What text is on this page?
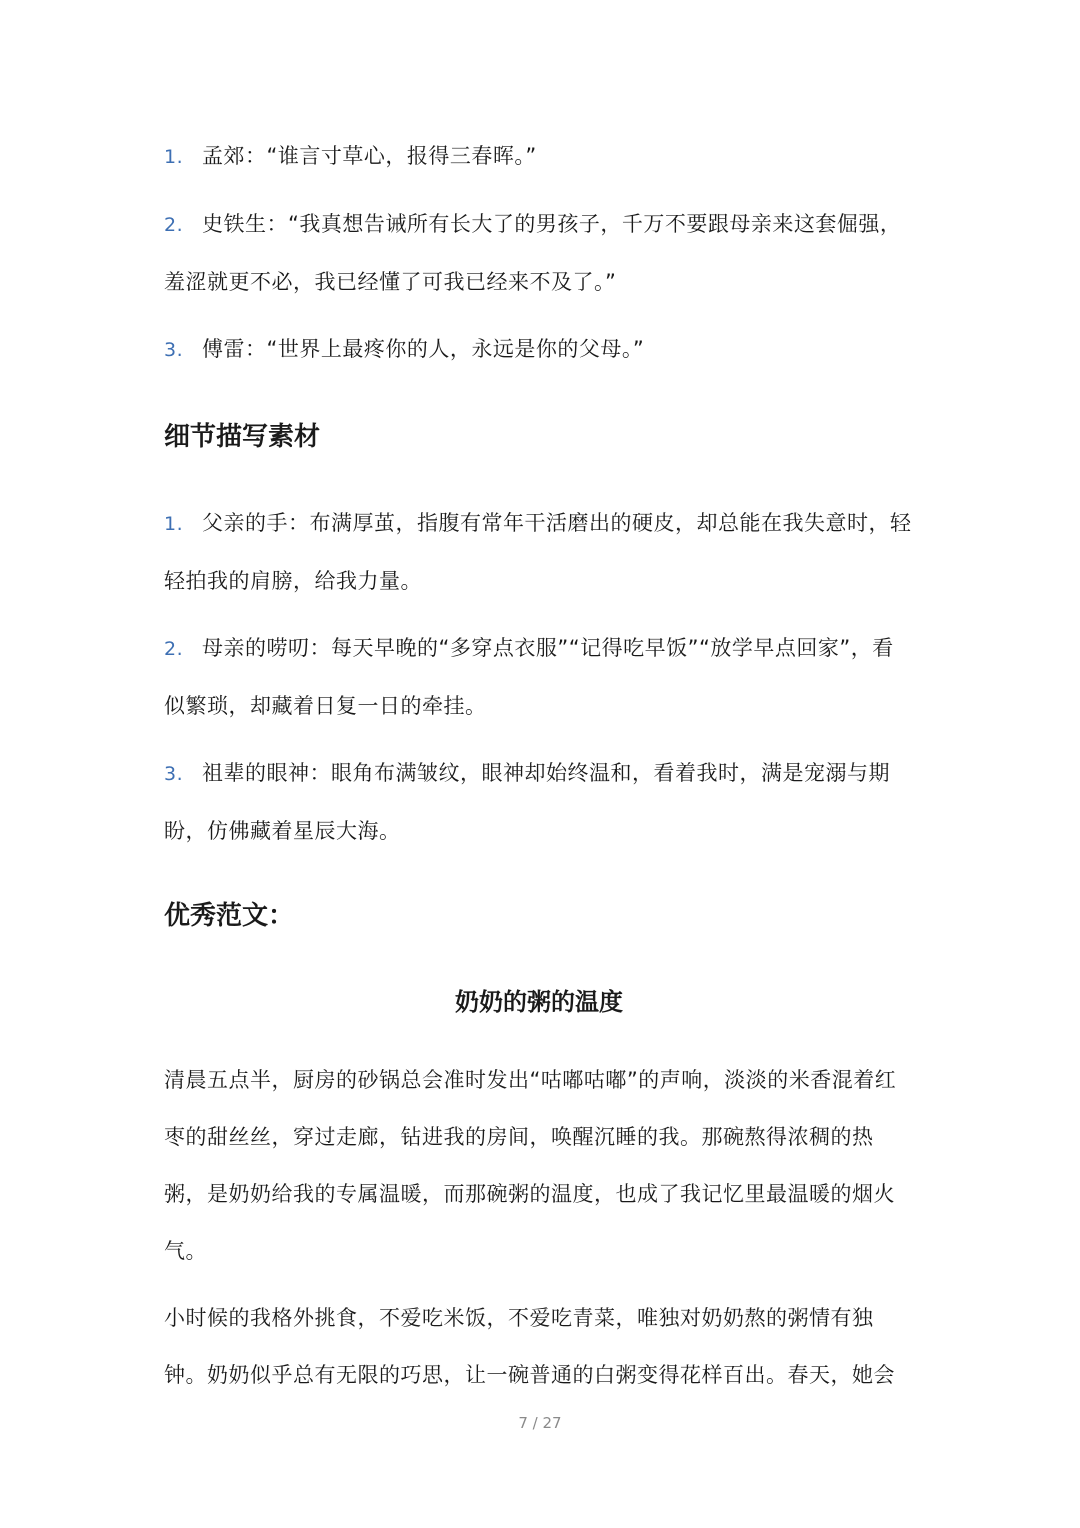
1. 孟郊：“谁言寸草心，报得三春晖。”
2. 史铁生：“我真想告诫所有长大了的男孩子，千万不要跟母亲来这套倔强，羞涩就更不必，我已经懂了可我已经来不及了。”
3. 傅雷：“世界上最疼你的人，永远是你的父母。”
细节描写素材
1. 父亲的手：布满厚茧，指腹有常年干活磨出的硬皮，却总能在我失意时，轻轻拍我的肩膀，给我力量。
2. 母亲的唠叨：每天早晚的“多穿点衣服”“记得吃早饭”“放学早点回家”，看似繁琐，却藏着日复一日的牵挂。
3. 祖辈的眼神：眼角布满皱纹，眼神却始终温和，看着我时，满是宠溺与期盼，仿佛藏着星辰大海。
优秀范文：
奶奶的粥的温度

清晨五点半，厨房的砂锅总会准时发出“咕嘟咕嘟”的声响，淡淡的米香混着红枣的甜丝丝，穿过走廊，钻进我的房间，唤醒沉睡的我。那碗熬得浓稠的热粥，是奶奶给我的专属温暖，而那碗粥的温度，也成了我记忆里最温暖的烟火气。

小时候的我格外挑食，不爱吃米饭，不爱吃青菜，唯独对奶奶熬的粥情有独钟。奶奶似乎总有无限的巧思，让一碗普通的白粥变得花样百出。春天，她会

7 / 27
